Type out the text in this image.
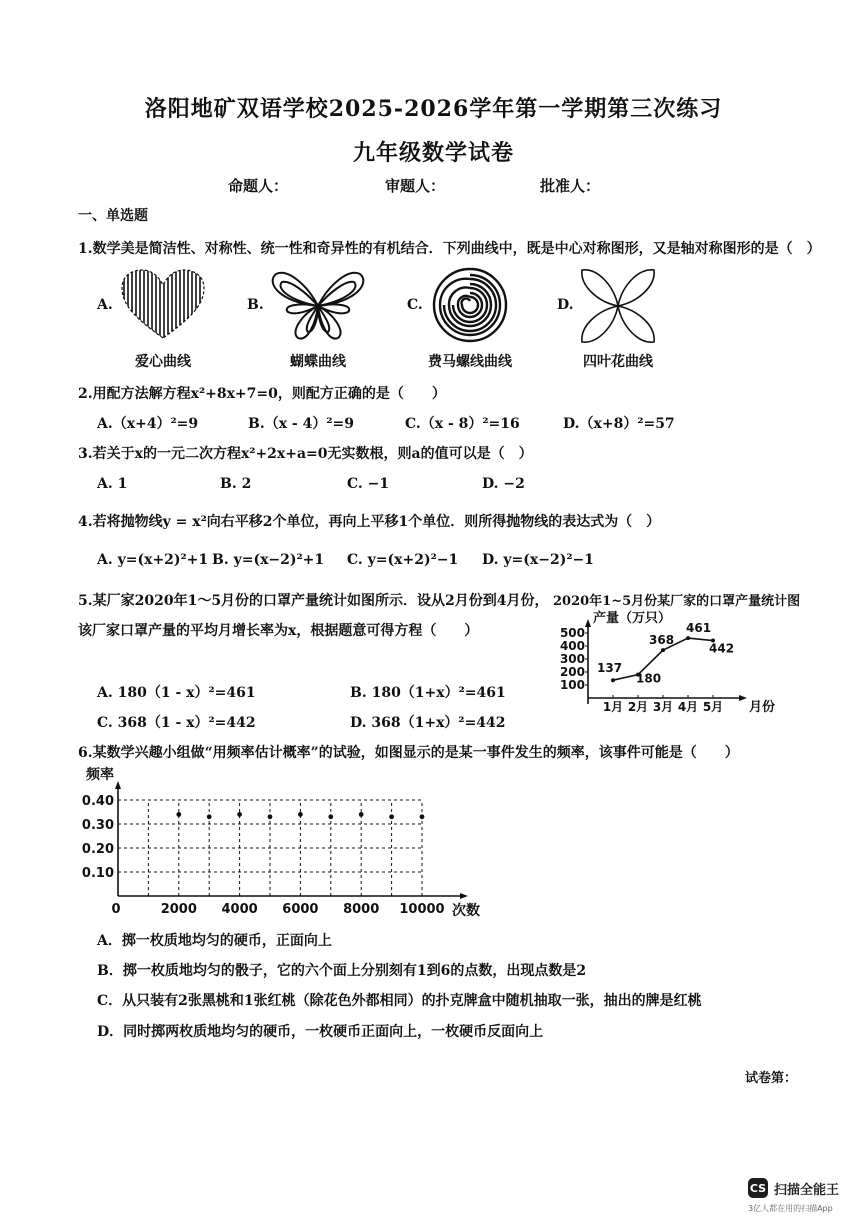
洛阳地矿双语学校2025-2026学年第一学期第三次练习
九年级数学试卷
命题人：	审题人：	批准人：
一、单选题
1.数学美是简洁性、对称性、统一性和奇异性的有机结合．下列曲线中，既是中心对称图形，又是轴对称图形的是（　）
A.	B.	C.	D.
爱心曲线	蝴蝶曲线	费马螺线曲线	四叶花曲线
2.用配方法解方程x²+8x+7=0，则配方正确的是（　　）
A.（x+4）²=9	B.（x - 4）²=9	C.（x - 8）²=16	D.（x+8）²=57
3.若关于x的一元二次方程x²+2x+a=0无实数根，则a的值可以是（　）
A. 1	B. 2	C. −1	D. −2
4.若将抛物线y = x²向右平移2个单位，再向上平移1个单位．则所得抛物线的表达式为（　）
A. y=(x+2)²+1 B. y=(x−2)²+1 C. y=(x+2)²−1 D. y=(x−2)²−1
5.某厂家2020年1～5月份的口罩产量统计如图所示．设从2月份到4月份，
该厂家口罩产量的平均月增长率为x，根据题意可得方程（　　）
A. 180（1 - x）²=461	B. 180（1+x）²=461
C. 368（1 - x）²=442	D. 368（1+x）²=442
2020年1~5月份某厂家的口罩产量统计图
产量（万只）
月份
100
200
300
400
500
1月 2月 3月 4月 5月
137
180
368
461
442
6.某数学兴趣小组做“用频率估计概率”的试验，如图显示的是某一事件发生的频率，该事件可能是（　　）
频率
次数
0.10
0.20
0.30
0.40
0	2000 4000 6000 8000 10000
A．掷一枚质地均匀的硬币，正面向上
B．掷一枚质地均匀的骰子，它的六个面上分别刻有1到6的点数，出现点数是2
C．从只装有2张黑桃和1张红桃（除花色外都相同）的扑克牌盒中随机抽取一张，抽出的牌是红桃
D．同时掷两枚质地均匀的硬币，一枚硬币正面向上，一枚硬币反面向上
试卷第：
CS 扫描全能王
3亿人都在用的扫描App
